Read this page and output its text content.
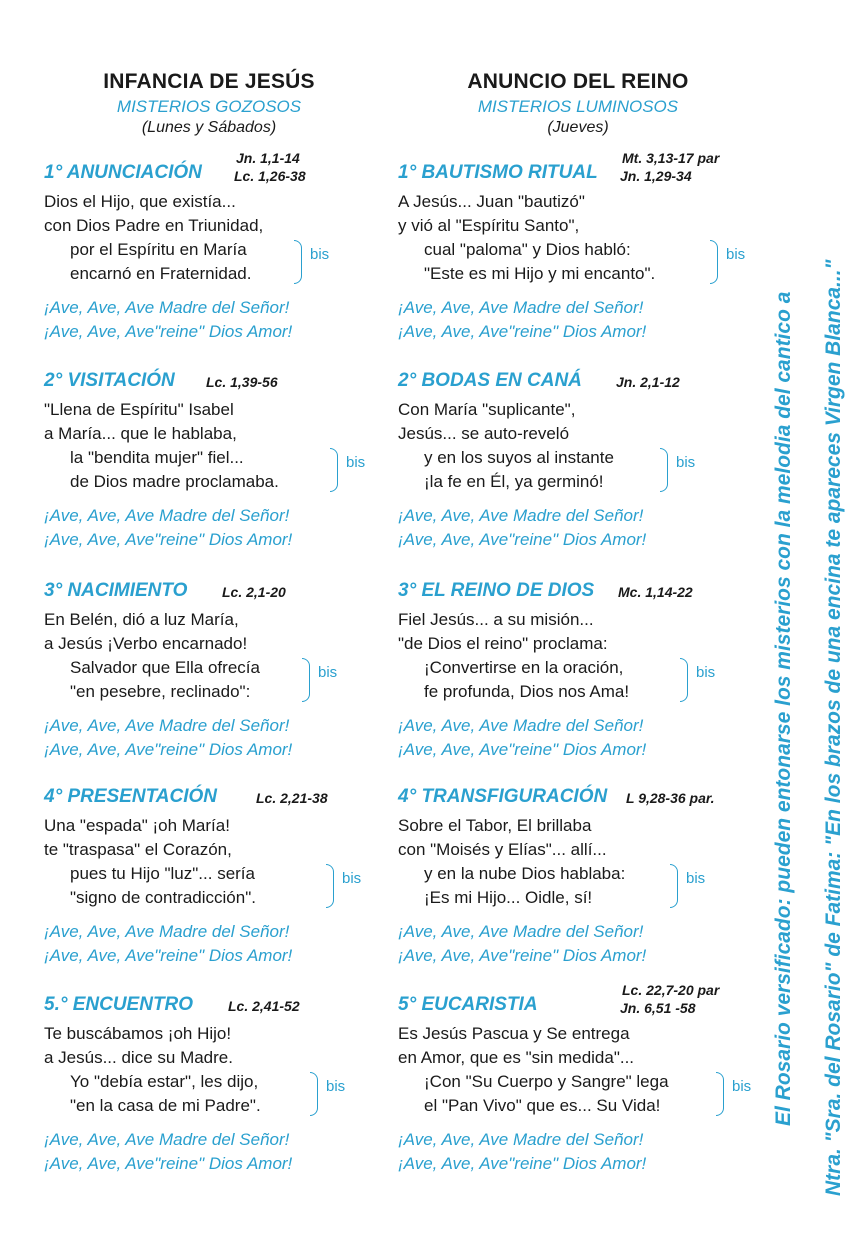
INFANCIA DE JESÚS
MISTERIOS GOZOSOS
(Lunes y Sábados)
1° ANUNCIACIÓN
Jn. 1,1-14
Lc. 1,26-38
Dios el Hijo, que existía...
con Dios Padre en Triunidad,
por el Espíritu en María
encarnó en Fraternidad.
bis
¡Ave, Ave, Ave Madre del Señor!
¡Ave, Ave, Ave"reine" Dios Amor!
2° VISITACIÓN Lc. 1,39-56
"Llena de Espíritu" Isabel
a María... que le hablaba,
la "bendita mujer" fiel...
de Dios madre proclamaba.
bis
¡Ave, Ave, Ave Madre del Señor!
¡Ave, Ave, Ave"reine" Dios Amor!
3° NACIMIENTO Lc. 2,1-20
En Belén, dió a luz María,
a Jesús ¡Verbo encarnado!
Salvador que Ella ofrecía
"en pesebre, reclinado":
bis
¡Ave, Ave, Ave Madre del Señor!
¡Ave, Ave, Ave"reine" Dios Amor!
4° PRESENTACIÓN	Lc. 2,21-38
Una "espada" ¡oh María!
te "traspasa" el Corazón,
pues tu Hijo "luz"... sería
"signo de contradicción".
bis
¡Ave, Ave, Ave Madre del Señor!
¡Ave, Ave, Ave"reine" Dios Amor!
5.° ENCUENTRO Lc. 2,41-52
Te buscábamos ¡oh Hijo!
a Jesús... dice su Madre.
Yo "debía estar", les dijo,
"en la casa de mi Padre".
bis
¡Ave, Ave, Ave Madre del Señor!
¡Ave, Ave, Ave"reine" Dios Amor!
ANUNCIO DEL REINO
MISTERIOS LUMINOSOS
(Jueves)
1° BAUTISMO RITUAL
Mt. 3,13-17 par
Jn. 1,29-34
A Jesús... Juan "bautizó"
y vió al "Espíritu Santo",
cual "paloma" y Dios habló:
"Este es mi Hijo y mi encanto".
bis
¡Ave, Ave, Ave Madre del Señor!
¡Ave, Ave, Ave"reine" Dios Amor!
2° BODAS EN CANÁ Jn. 2,1-12
Con María "suplicante",
Jesús... se auto-reveló
y en los suyos al instante
¡la fe en Él, ya germinó!
bis
¡Ave, Ave, Ave Madre del Señor!
¡Ave, Ave, Ave"reine" Dios Amor!
3° EL REINO DE DIOS Mc. 1,14-22
Fiel Jesús... a su misión...
"de Dios el reino" proclama:
¡Convertirse en la oración,
fe profunda, Dios nos Ama!
bis
¡Ave, Ave, Ave Madre del Señor!
¡Ave, Ave, Ave"reine" Dios Amor!
4° TRANSFIGURACIÓN L 9,28-36 par.
Sobre el Tabor, El brillaba
con "Moisés y Elías"... allí...
y en la nube Dios hablaba:
¡Es mi Hijo... Oidle, sí!
bis
¡Ave, Ave, Ave Madre del Señor!
¡Ave, Ave, Ave"reine" Dios Amor!
5° EUCARISTIA
Lc. 22,7-20 par
Jn. 6,51 -58
Es Jesús Pascua y Se entrega
en Amor, que es "sin medida"...
¡Con "Su Cuerpo y Sangre" lega
el "Pan Vivo" que es... Su Vida!
bis
¡Ave, Ave, Ave Madre del Señor!
¡Ave, Ave, Ave"reine" Dios Amor!
El Rosario versificado: pueden entonarse los misterios con la melodia del cantico a Ntra. "Sra. del Rosario" de Fatima: "En los brazos de una encina te apareces Virgen Blanca..."
